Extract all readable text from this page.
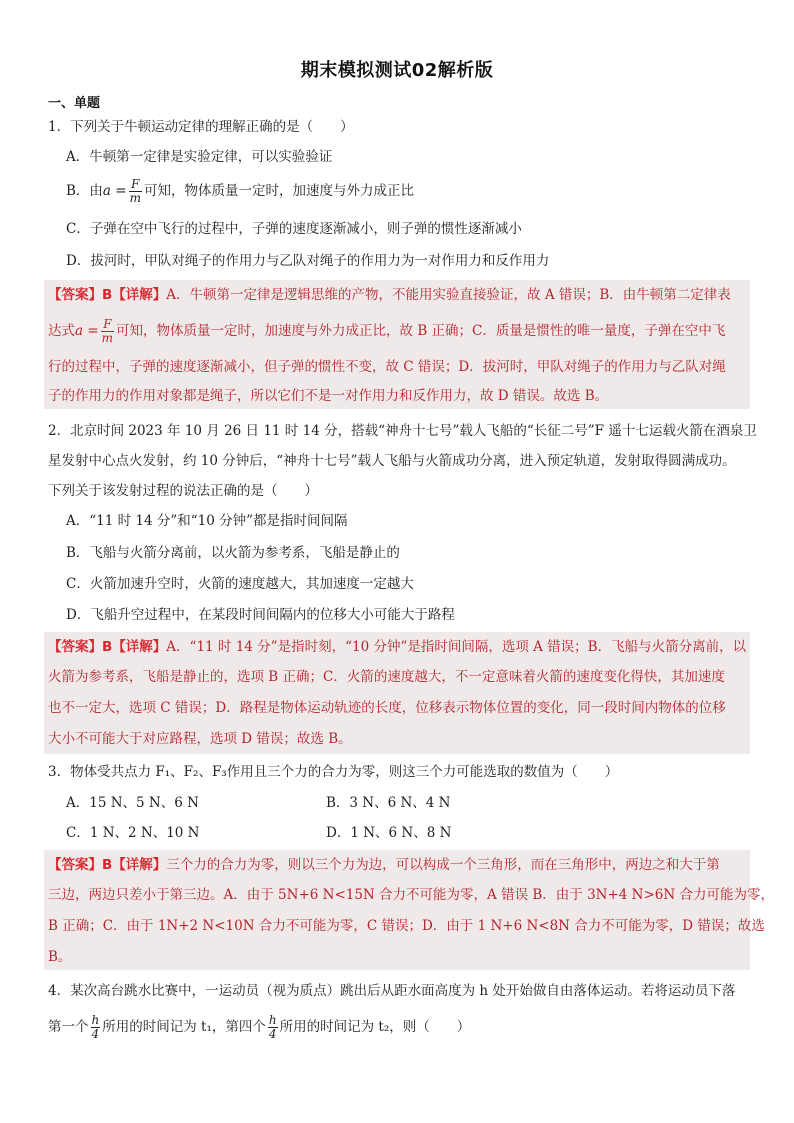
期末模拟测试02解析版
一、单题
1．下列关于牛顿运动定律的理解正确的是（　　）
A．牛顿第一定律是实验定律，可以实验验证
B．由$a = \frac{F}{m}$ 可知，物体质量一定时，加速度与外力成正比
C．子弹在空中飞行的过程中，子弹的速度逐渐减小，则子弹的惯性逐渐减小
D．拔河时，甲队对绳子的作用力与乙队对绳子的作用力为一对作用力和反作用力
【答案】B【详解】A．牛顿第一定律是逻辑思维的产物，不能用实验直接验证，故 A 错误；B．由牛顿第二定律表
达式$a = \frac{F}{m}$ 可知，物体质量一定时，加速度与外力成正比，故 B 正确；C．质量是惯性的唯一量度，子弹在空中飞
行的过程中，子弹的速度逐渐减小，但子弹的惯性不变，故 C 错误；D．拔河时，甲队对绳子的作用力与乙队对绳
子的作用力的作用对象都是绳子，所以它们不是一对作用力和反作用力，故 D 错误。故选 B。
2．北京时间 2023 年 10 月 26 日 11 时 14 分，搭载“神舟十七号”载人飞船的“长征二号”F 遥十七运载火箭在酒泉卫
星发射中心点火发射，约 10 分钟后，“神舟十七号”载人飞船与火箭成功分离，进入预定轨道，发射取得圆满成功。
下列关于该发射过程的说法正确的是（　　）
A．“11 时 14 分”和“10 分钟”都是指时间间隔
B．飞船与火箭分离前，以火箭为参考系，飞船是静止的
C．火箭加速升空时，火箭的速度越大，其加速度一定越大
D．飞船升空过程中，在某段时间间隔内的位移大小可能大于路程
【答案】B【详解】A．“11 时 14 分”是指时刻，“10 分钟”是指时间间隔，选项 A 错误；B．飞船与火箭分离前，以
火箭为参考系，飞船是静止的，选项 B 正确；C．火箭的速度越大，不一定意味着火箭的速度变化得快，其加速度
也不一定大，选项 C 错误；D．路程是物体运动轨迹的长度，位移表示物体位置的变化，同一段时间内物体的位移
大小不可能大于对应路程，选项 D 错误；故选 B。
3．物体受共点力 F₁、F₂、F₃作用且三个力的合力为零，则这三个力可能选取的数值为（　　）
A．15 N、5 N、6 N	B．3 N、6 N、4 N
C．1 N、2 N、10 N	D．1 N、6 N、8 N
【答案】B【详解】三个力的合力为零，则以三个力为边，可以构成一个三角形，而在三角形中，两边之和大于第
三边，两边只差小于第三边。A．由于 5N+6 N<15N 合力不可能为零，A 错误 B．由于 3N+4 N>6N 合力可能为零，
B 正确；C．由于 1N+2 N<10N 合力不可能为零，C 错误；D．由于 1 N+6 N<8N 合力不可能为零，D 错误；故选
B。
4．某次高台跳水比赛中，一运动员（视为质点）跳出后从距水面高度为 h 处开始做自由落体运动。若将运动员下落
第一个 $\frac{h}{4}$ 所用的时间记为 t₁，第四个 $\frac{h}{4}$ 所用的时间记为 t₂，则（　　）
